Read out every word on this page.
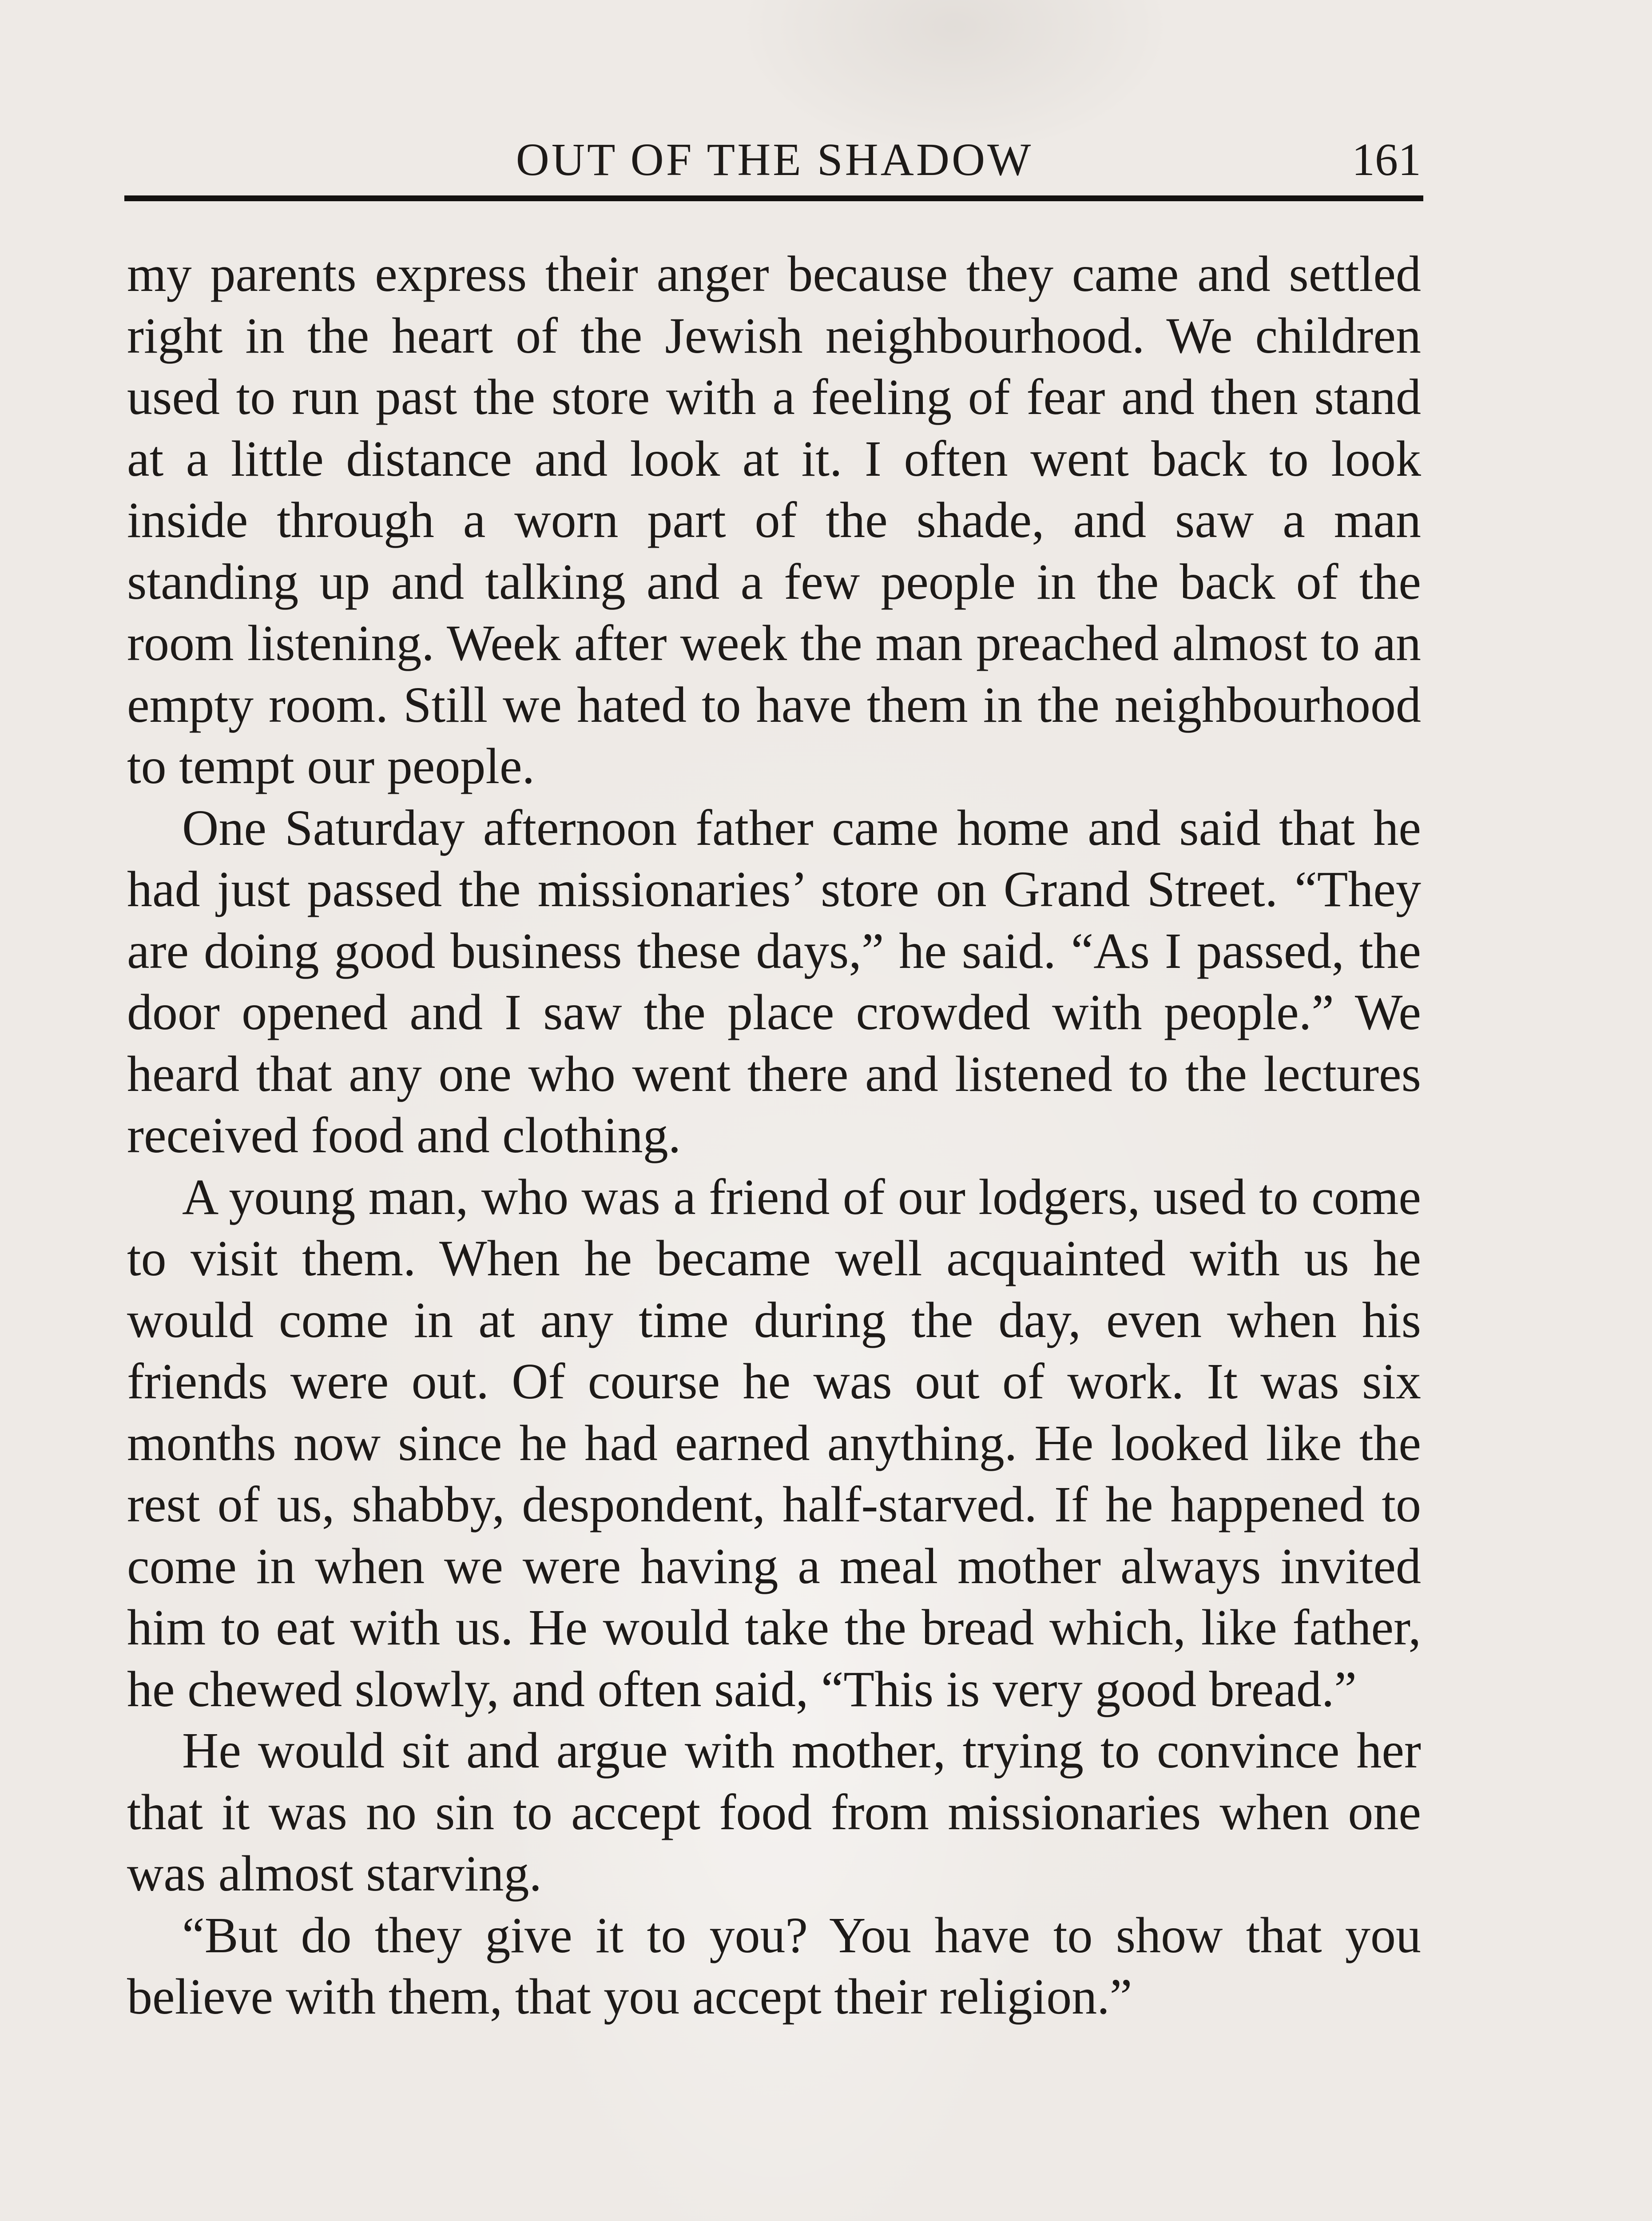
OUT OF THE SHADOW	161

my parents express their anger because they came and settled right in the heart of the Jewish neighbourhood. We children used to run past the store with a feeling of fear and then stand at a little distance and look at it. I often went back to look inside through a worn part of the shade, and saw a man standing up and talking and a few people in the back of the room listening. Week after week the man preached almost to an empty room. Still we hated to have them in the neighbourhood to tempt our people.

One Saturday afternoon father came home and said that he had just passed the missionaries’ store on Grand Street. “They are doing good business these days,” he said. “As I passed, the door opened and I saw the place crowded with people.” We heard that any one who went there and listened to the lectures received food and clothing.

A young man, who was a friend of our lodgers, used to come to visit them. When he became well acquainted with us he would come in at any time during the day, even when his friends were out. Of course he was out of work. It was six months now since he had earned anything. He looked like the rest of us, shabby, despondent, half-starved. If he happened to come in when we were having a meal mother always invited him to eat with us. He would take the bread which, like father, he chewed slowly, and often said, “This is very good bread.”

He would sit and argue with mother, trying to convince her that it was no sin to accept food from missionaries when one was almost starving.

“But do they give it to you? You have to show that you believe with them, that you accept their religion.”
